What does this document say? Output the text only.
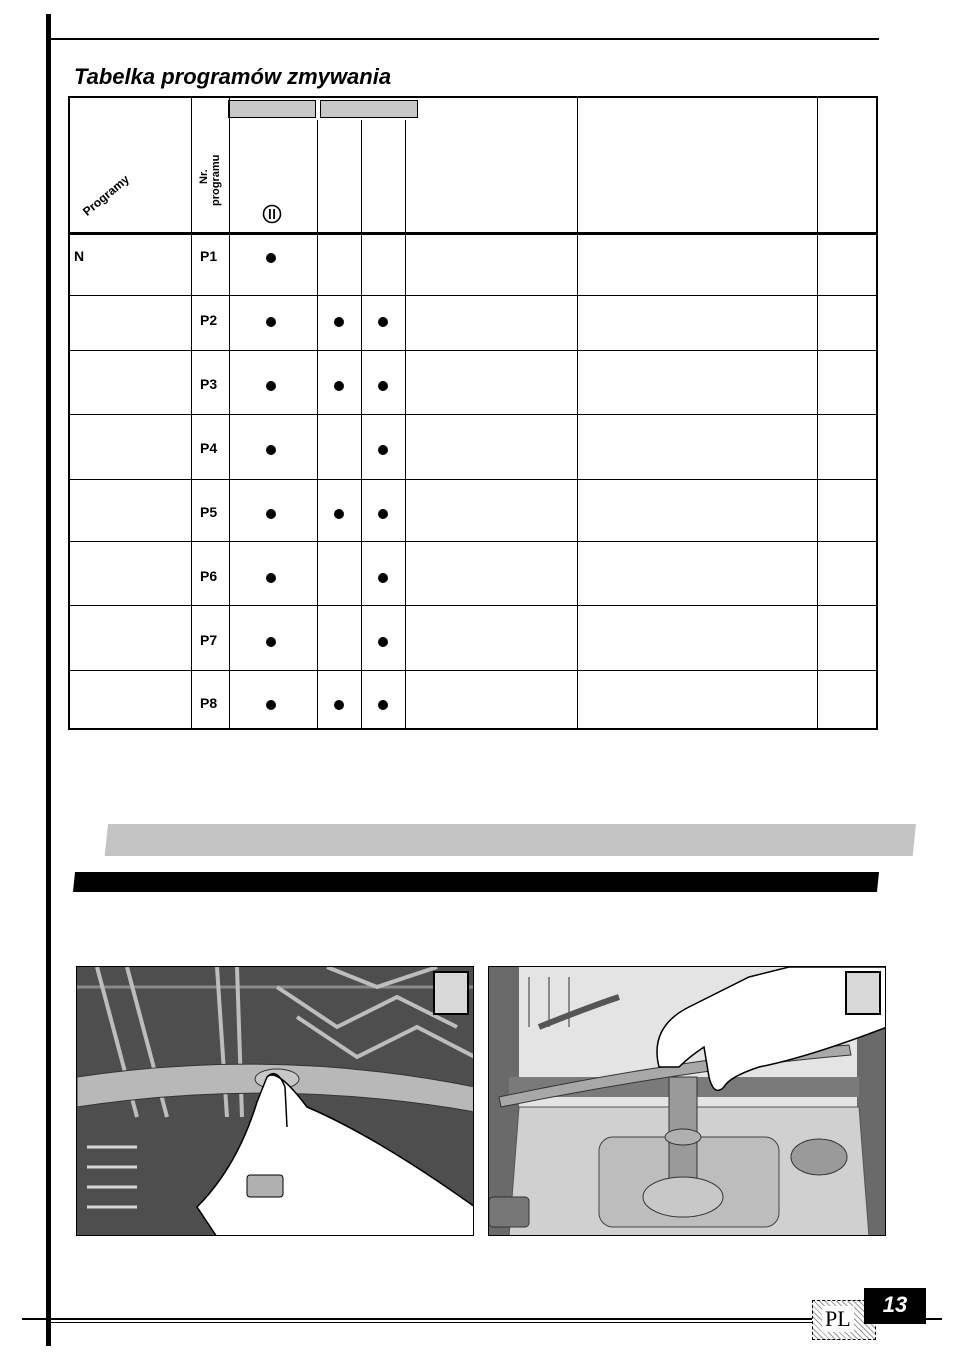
Tabelka programów zmywania
Programy	Nr. programu
N	P1
P2
P3
P4
P5
P6
P7
P8
PL
13
